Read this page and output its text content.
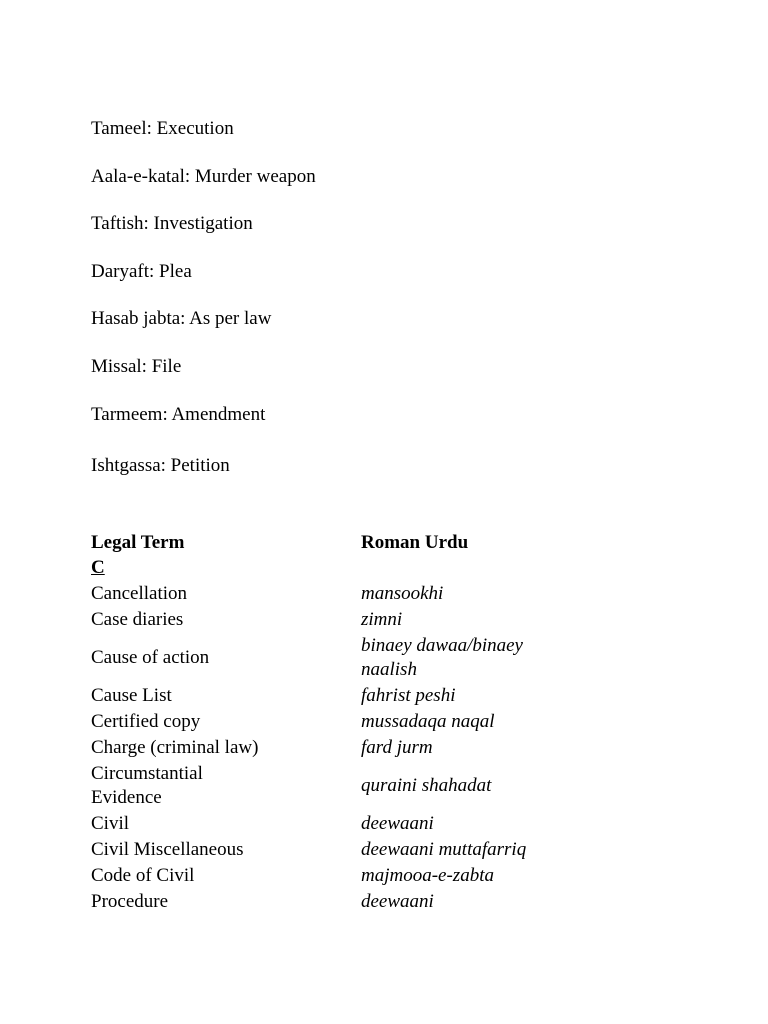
Tameel: Execution
Aala-e-katal: Murder weapon
Taftish: Investigation
Daryaft: Plea
Hasab jabta: As per law
Missal: File
Tarmeem: Amendment
Ishtgassa: Petition
Legal Term	Roman Urdu
C	
Cancellation	mansookhi
Case diaries	zimni
Cause of action	binaey dawaa/binaey
naalish

Cause List	fahrist peshi
Certified copy	mussadaqa naqal
Charge (criminal law)	fard jurm

Circumstantial
Evidence	quraini shahadat
Civil	deewaani
Civil Miscellaneous	deewaani muttafarriq
Code of Civil	majmooa-e-zabta
Procedure	deewaani
